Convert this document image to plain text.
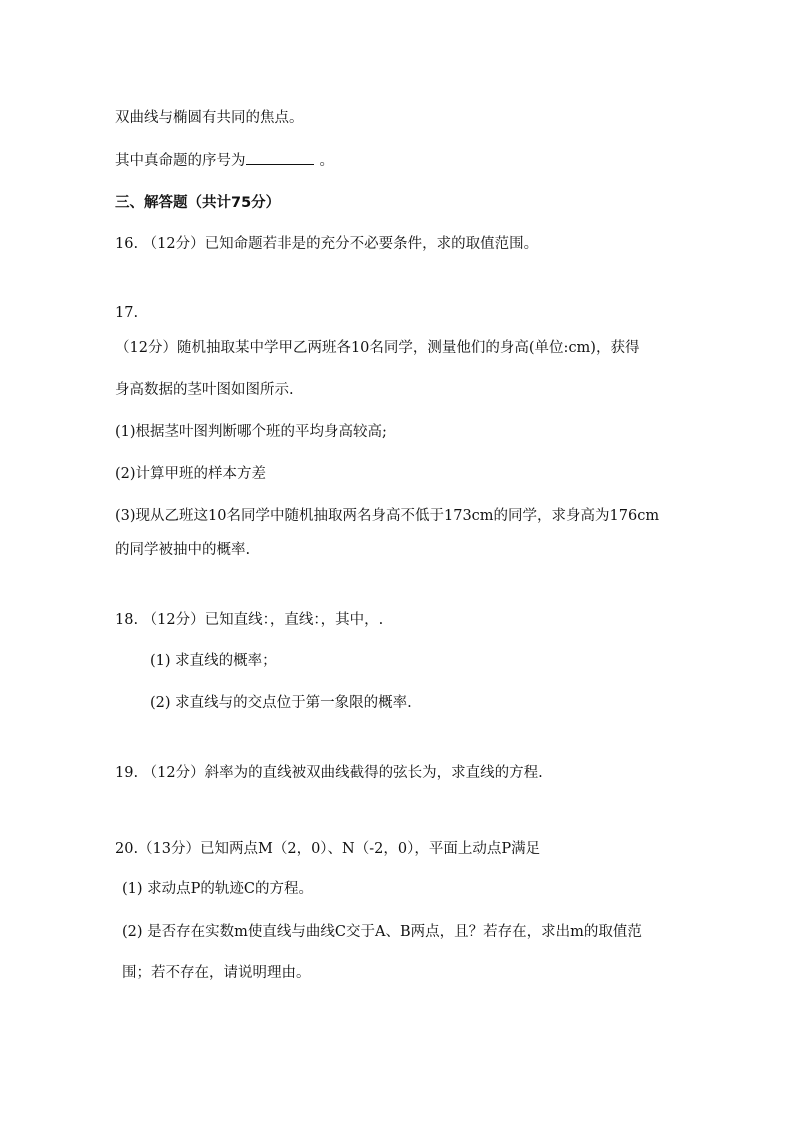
双曲线与椭圆有共同的焦点。
其中真命题的序号为	。
三、解答题（共计75分）
16. （12分）已知命题若非是的充分不必要条件，求的取值范围。
17.
（12分）随机抽取某中学甲乙两班各10名同学，测量他们的身高(单位:cm)，获得
身高数据的茎叶图如图所示.
(1)根据茎叶图判断哪个班的平均身高较高;
(2)计算甲班的样本方差
(3)现从乙班这10名同学中随机抽取两名身高不低于173cm的同学，求身高为176cm
的同学被抽中的概率.
18. （12分）已知直线：，直线：，其中，.
(1) 求直线的概率；
(2) 求直线与的交点位于第一象限的概率.
19. （12分）斜率为的直线被双曲线截得的弦长为，求直线的方程.
20.（13分）已知两点M（2，0）、N（-2，0），平面上动点P满足
(1) 求动点P的轨迹C的方程。
(2) 是否存在实数m使直线与曲线C交于A、B两点，且？若存在，求出m的取值范
围；若不存在，请说明理由。
